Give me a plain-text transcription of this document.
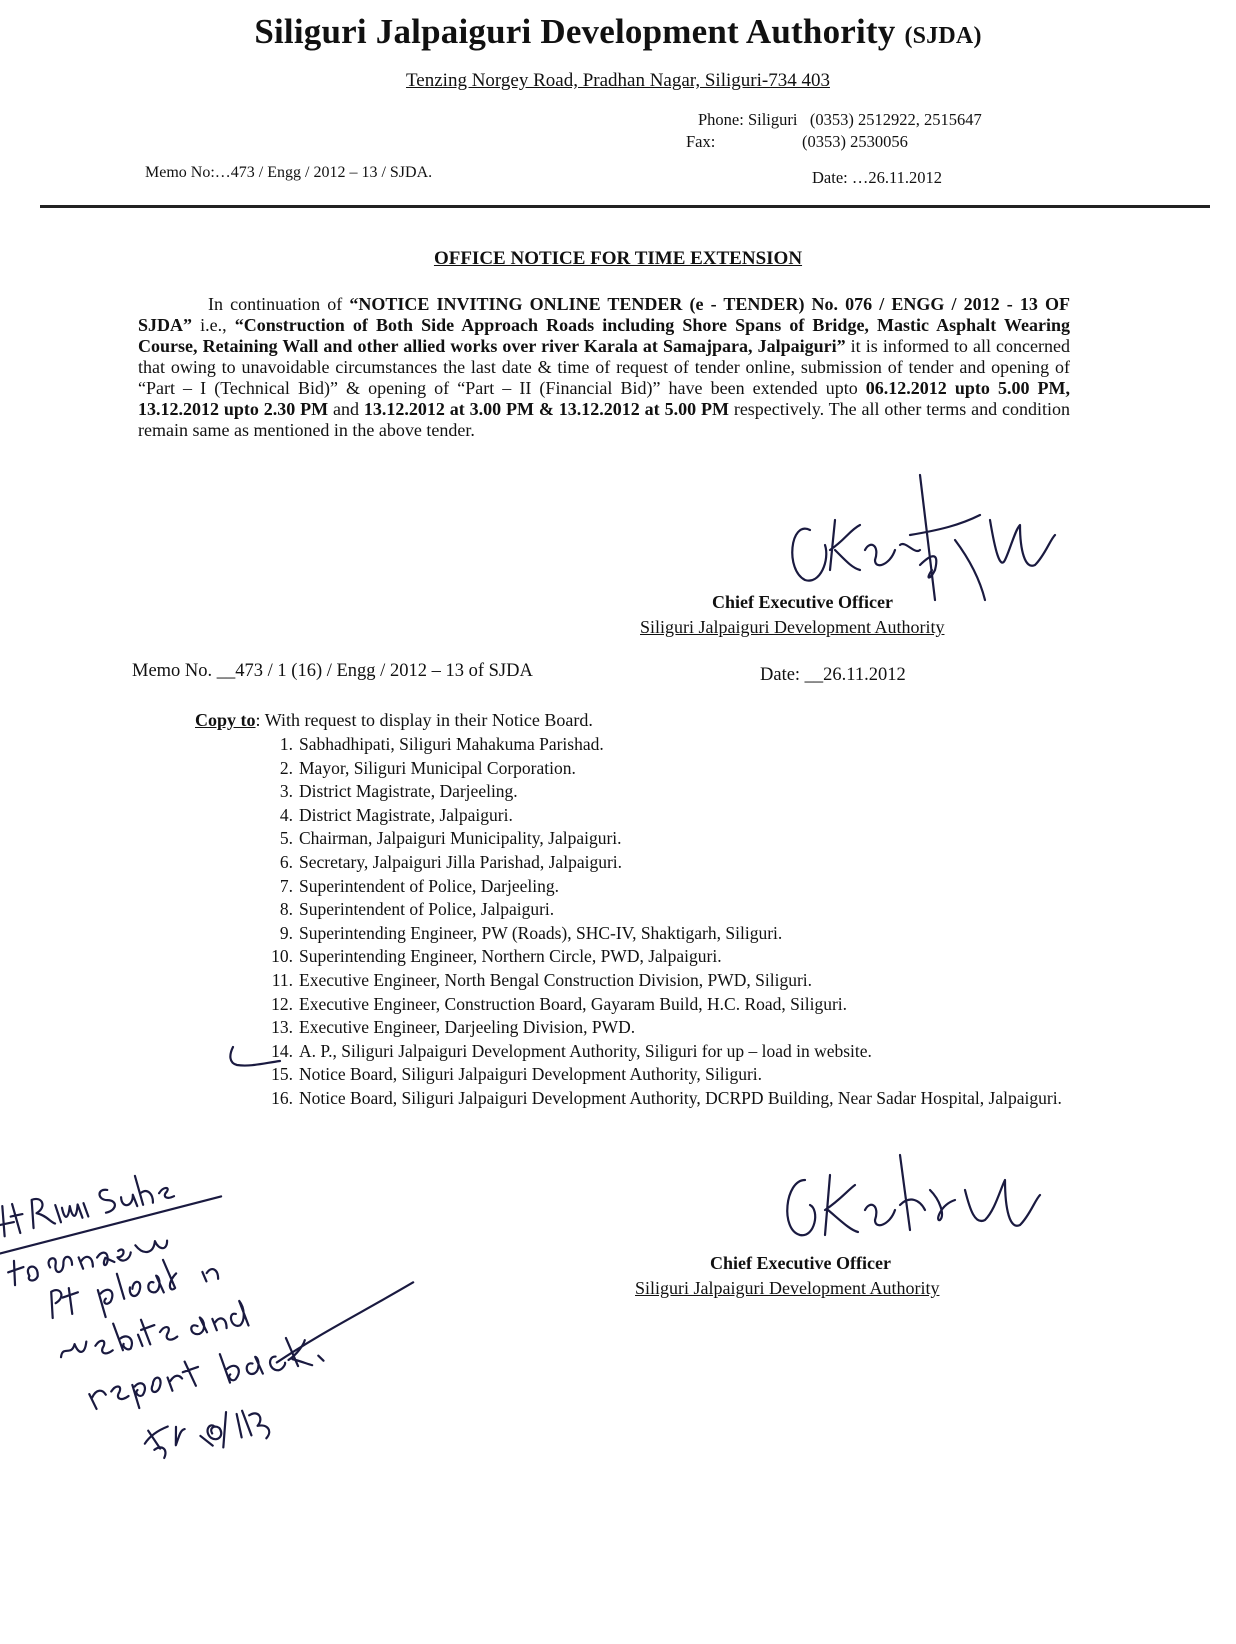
Siliguri Jalpaiguri Development Authority (SJDA)
Tenzing Norgey Road, Pradhan Nagar, Siliguri-734 403
Phone: Siliguri   (0353) 2512922, 2515647
Fax:                     (0353) 2530056
Memo No:…473 / Engg / 2012 – 13 / SJDA.	Date: …26.11.2012
OFFICE NOTICE FOR TIME EXTENSION
In continuation of “NOTICE INVITING ONLINE TENDER (e - TENDER) No. 076 / ENGG / 2012 - 13 OF SJDA” i.e., “Construction of Both Side Approach Roads including Shore Spans of Bridge, Mastic Asphalt Wearing Course, Retaining Wall and other allied works over river Karala at Samajpara, Jalpaiguri” it is informed to all concerned that owing to unavoidable circumstances the last date & time of request of tender online, submission of tender and opening of “Part – I (Technical Bid)” & opening of “Part – II (Financial Bid)” have been extended upto 06.12.2012 upto 5.00 PM, 13.12.2012 upto 2.30 PM and 13.12.2012 at 3.00 PM & 13.12.2012 at 5.00 PM respectively. The all other terms and condition remain same as mentioned in the above tender.
Chief Executive Officer
Siliguri Jalpaiguri Development Authority
Memo No. __473 / 1 (16) / Engg / 2012 – 13 of SJDA	Date: __26.11.2012
Copy to: With request to display in their Notice Board.
1. Sabhadhipati, Siliguri Mahakuma Parishad.
2. Mayor, Siliguri Municipal Corporation.
3. District Magistrate, Darjeeling.
4. District Magistrate, Jalpaiguri.
5. Chairman, Jalpaiguri Municipality, Jalpaiguri.
6. Secretary, Jalpaiguri Jilla Parishad, Jalpaiguri.
7. Superintendent of Police, Darjeeling.
8. Superintendent of Police, Jalpaiguri.
9. Superintending Engineer, PW (Roads), SHC-IV, Shaktigarh, Siliguri.
10. Superintending Engineer, Northern Circle, PWD, Jalpaiguri.
11. Executive Engineer, North Bengal Construction Division, PWD, Siliguri.
12. Executive Engineer, Construction Board, Gayaram Build, H.C. Road, Siliguri.
13. Executive Engineer, Darjeeling Division, PWD.
14. A. P., Siliguri Jalpaiguri Development Authority, Siliguri for up – load in website.
15. Notice Board, Siliguri Jalpaiguri Development Authority, Siliguri.
16. Notice Board, Siliguri Jalpaiguri Development Authority, DCRPD Building, Near Sadar Hospital, Jalpaiguri.
Chief Executive Officer
Siliguri Jalpaiguri Development Authority
